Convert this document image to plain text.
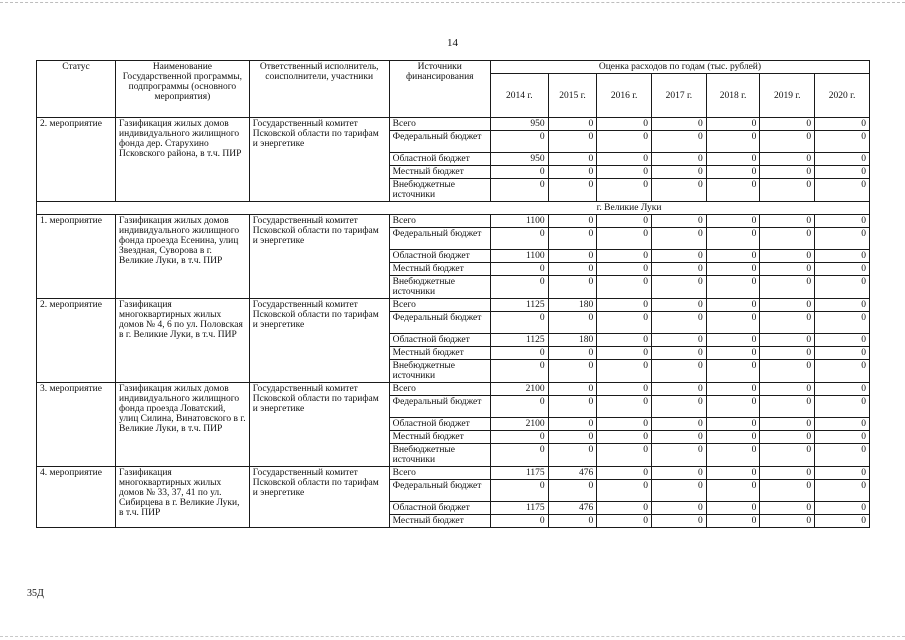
14
Статус	Наименование Государственной программы, подпрограммы (основного мероприятия)	Ответственный исполнитель, соисполнители, участники	Источники финансирования	Оценка расходов по годам (тыс. рублей)						
				2014 г.	2015 г.	2016 г.	2017 г.	2018 г.	2019 г.	2020 г.
2. мероприятие	Газификация жилых домов индивидуального жилищного фонда дер. Старухино Псковского района, в т.ч. ПИР	Государственный комитет Псковской области по тарифам и энергетике	Всего	950	0	0	0	0	0	0
			Федеральный бюджет	0	0	0	0	0	0	0
			Областной бюджет	950	0	0	0	0	0	0
			Местный бюджет	0	0	0	0	0	0	0
			Внебюджетные источники	0	0	0	0	0	0	0
			г. Великие Луки							
1. мероприятие	Газификация жилых домов индивидуального жилищного фонда проезда Есенина, улиц Звездная, Суворова в г. Великие Луки, в т.ч. ПИР	Государственный комитет Псковской области по тарифам и энергетике	Всего	1100	0	0	0	0	0	0
			Федеральный бюджет	0	0	0	0	0	0	0
			Областной бюджет	1100	0	0	0	0	0	0
			Местный бюджет	0	0	0	0	0	0	0
			Внебюджетные источники	0	0	0	0	0	0	0
2. мероприятие	Газификация многоквартирных жилых домов № 4, 6 по ул. Половская в г. Великие Луки, в т.ч. ПИР	Государственный комитет Псковской области по тарифам и энергетике	Всего	1125	180	0	0	0	0	0
			Федеральный бюджет	0	0	0	0	0	0	0
			Областной бюджет	1125	180	0	0	0	0	0
			Местный бюджет	0	0	0	0	0	0	0
			Внебюджетные источники	0	0	0	0	0	0	0
3. мероприятие	Газификация жилых домов индивидуального жилищного фонда проезда Ловатский, улиц Силина, Винатовского в г. Великие Луки, в т.ч. ПИР	Государственный комитет Псковской области по тарифам и энергетике	Всего	2100	0	0	0	0	0	0
			Федеральный бюджет	0	0	0	0	0	0	0
			Областной бюджет	2100	0	0	0	0	0	0
			Местный бюджет	0	0	0	0	0	0	0
			Внебюджетные источники	0	0	0	0	0	0	0
4. мероприятие	Газификация многоквартирных жилых домов № 33, 37, 41 по ул. Сибирцева в г. Великие Луки, в т.ч. ПИР	Государственный комитет Псковской области по тарифам и энергетике	Всего	1175	476	0	0	0	0	0
			Федеральный бюджет	0	0	0	0	0	0	0
			Областной бюджет	1175	476	0	0	0	0	0
			Местный бюджет	0	0	0	0	0	0	0
35Д
